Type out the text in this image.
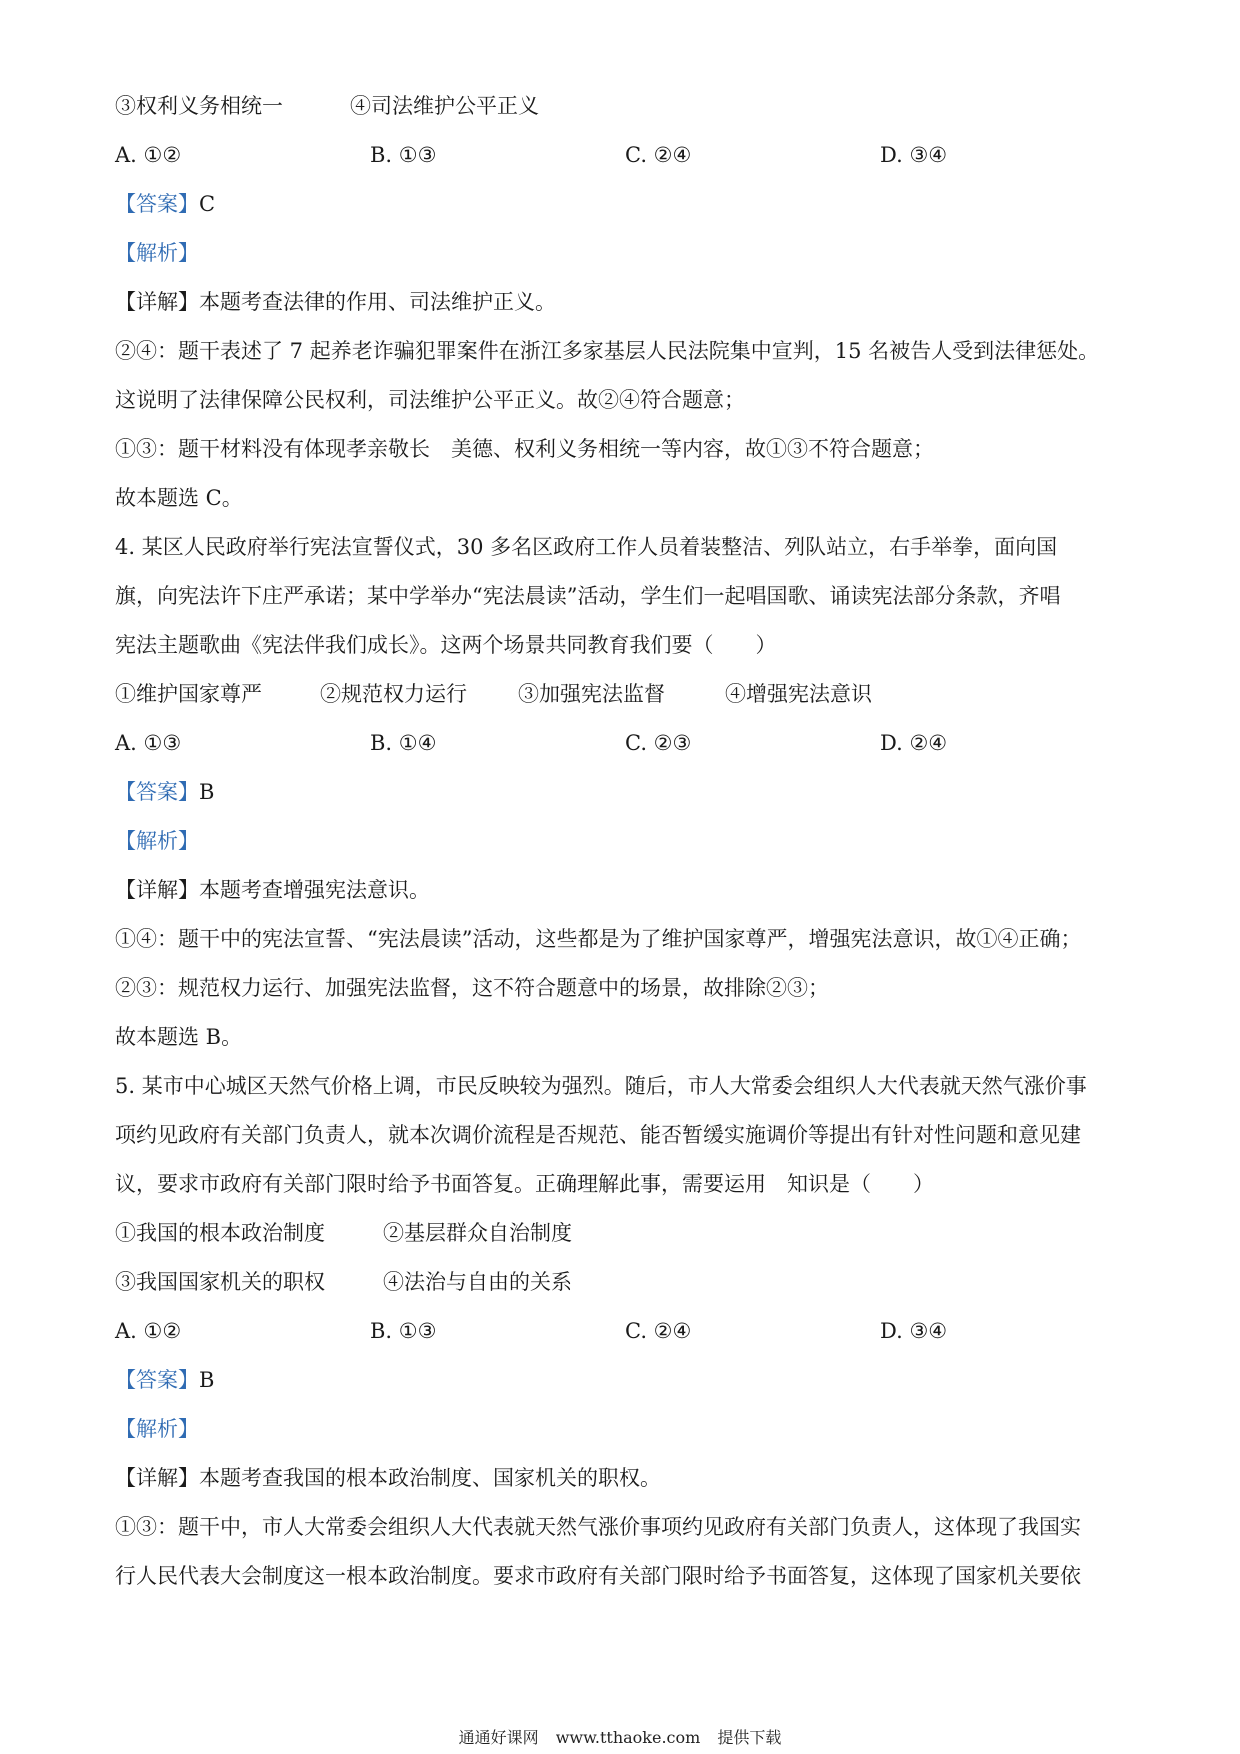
③权利义务相统一	④司法维护公平正义
A. ①②	B. ①③	C. ②④	D. ③④
【答案】C
【解析】
【详解】本题考查法律的作用、司法维护正义。
②④：题干表述了 7 起养老诈骗犯罪案件在浙江多家基层人民法院集中宣判，15 名被告人受到法律惩处。
这说明了法律保障公民权利，司法维护公平正义。故②④符合题意；
①③：题干材料没有体现孝亲敬长　美德、权利义务相统一等内容，故①③不符合题意；
故本题选 C。
4. 某区人民政府举行宪法宣誓仪式，30 多名区政府工作人员着装整洁、列队站立，右手举拳，面向国
旗，向宪法许下庄严承诺；某中学举办“宪法晨读”活动，学生们一起唱国歌、诵读宪法部分条款，齐唱
宪法主题歌曲《宪法伴我们成长》。这两个场景共同教育我们要（　　）
①维护国家尊严	②规范权力运行 ③加强宪法监督	④增强宪法意识
A. ①③	B. ①④	C. ②③	D. ②④
【答案】B
【解析】
【详解】本题考查增强宪法意识。
①④：题干中的宪法宣誓、“宪法晨读”活动，这些都是为了维护国家尊严，增强宪法意识，故①④正确；
②③：规范权力运行、加强宪法监督，这不符合题意中的场景，故排除②③；
故本题选 B。
5. 某市中心城区天然气价格上调，市民反映较为强烈。随后，市人大常委会组织人大代表就天然气涨价事
项约见政府有关部门负责人，就本次调价流程是否规范、能否暂缓实施调价等提出有针对性问题和意见建
议，要求市政府有关部门限时给予书面答复。正确理解此事，需要运用　知识是（　　）
①我国的根本政治制度	②基层群众自治制度
③我国国家机关的职权	④法治与自由的关系
A. ①②	B. ①③	C. ②④	D. ③④
【答案】B
【解析】
【详解】本题考查我国的根本政治制度、国家机关的职权。
①③：题干中，市人大常委会组织人大代表就天然气涨价事项约见政府有关部门负责人，这体现了我国实
行人民代表大会制度这一根本政治制度。要求市政府有关部门限时给予书面答复，这体现了国家机关要依
通通好课网 www.tthaoke.com 提供下载
